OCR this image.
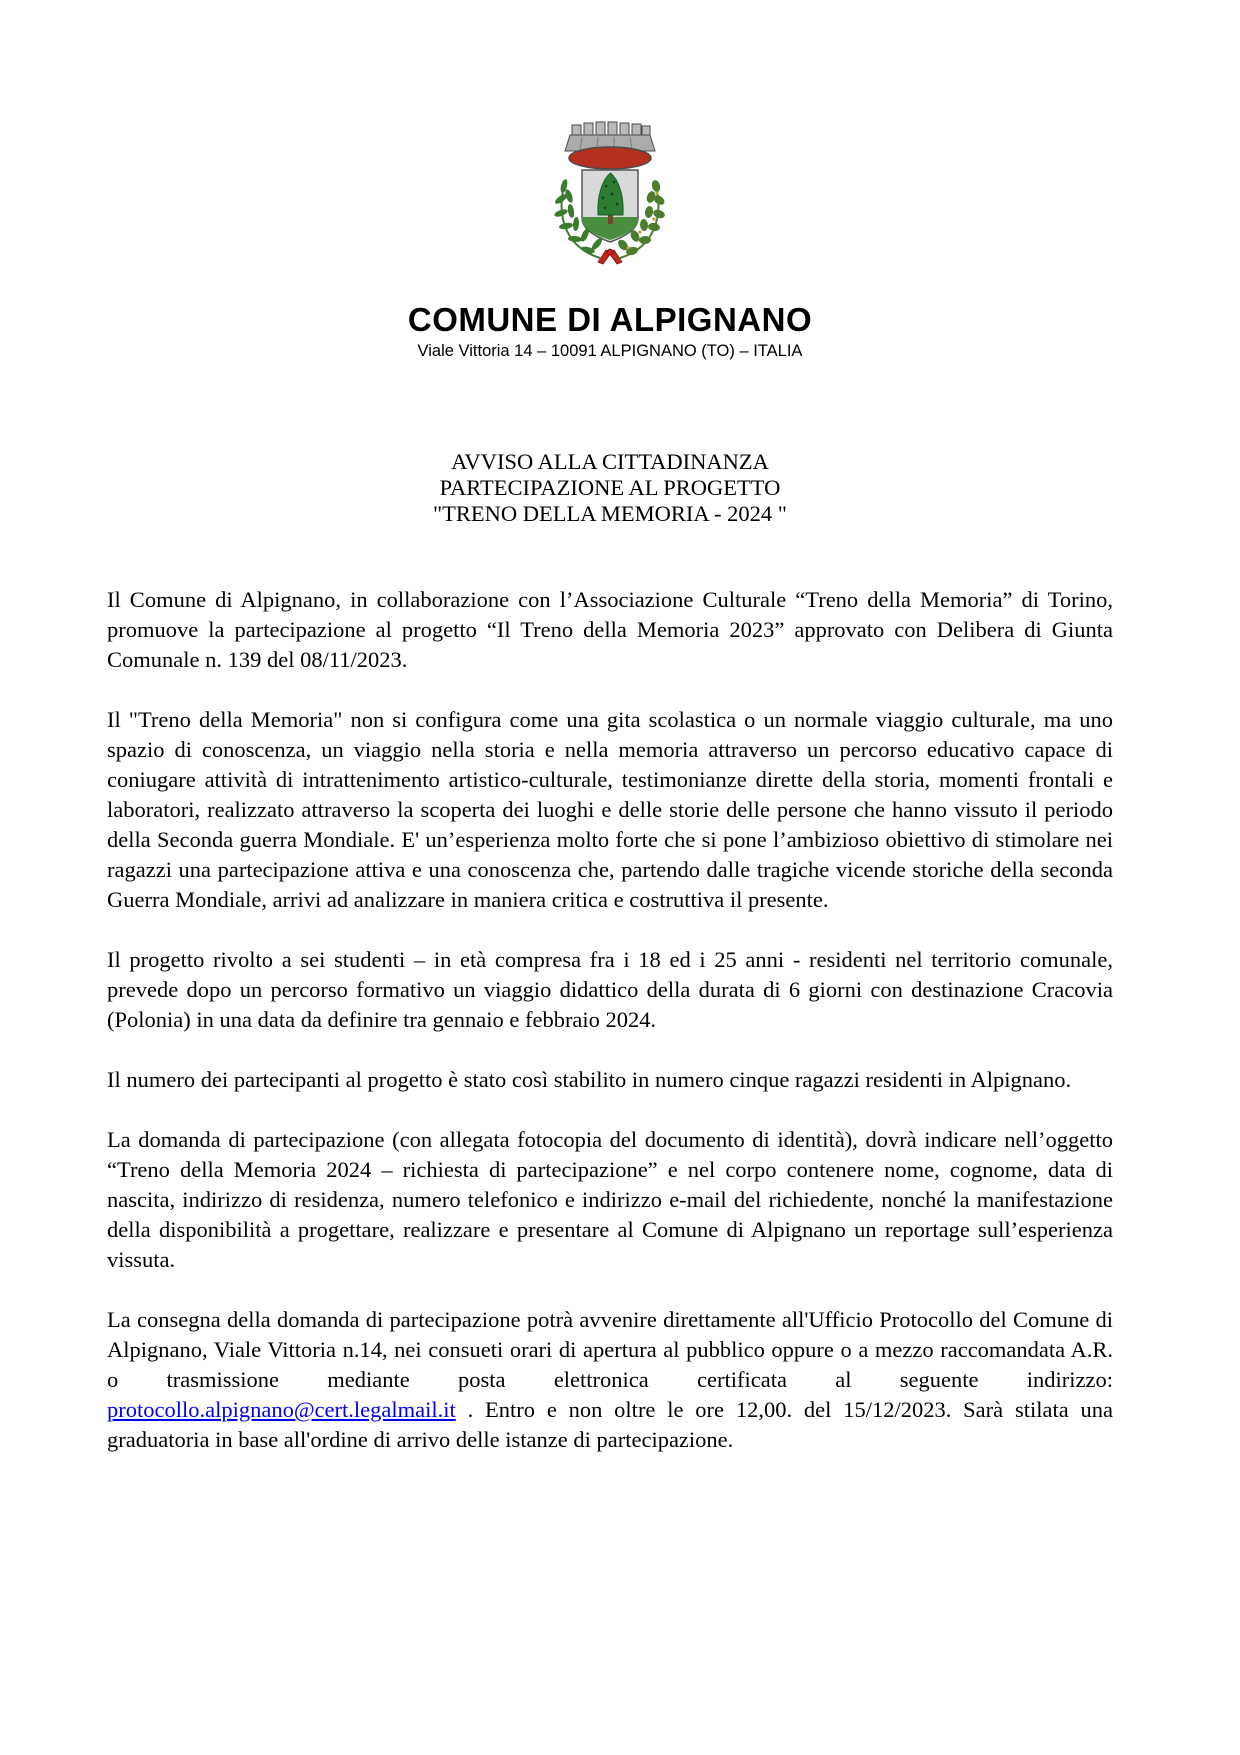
COMUNE DI ALPIGNANO
Viale Vittoria 14 – 10091 ALPIGNANO (TO) – ITALIA
AVVISO ALLA CITTADINANZA
PARTECIPAZIONE AL PROGETTO
"TRENO DELLA MEMORIA - 2024 "

Il Comune di Alpignano, in collaborazione con l’Associazione Culturale “Treno della Memoria” di Torino, promuove la partecipazione al progetto “Il Treno della Memoria 2023” approvato con Delibera di Giunta Comunale n. 139 del 08/11/2023.

Il "Treno della Memoria" non si configura come una gita scolastica o un normale viaggio culturale, ma uno spazio di conoscenza, un viaggio nella storia e nella memoria attraverso un percorso educativo capace di coniugare attività di intrattenimento artistico-culturale, testimonianze dirette della storia, momenti frontali e laboratori, realizzato attraverso la scoperta dei luoghi e delle storie delle persone che hanno vissuto il periodo della Seconda guerra Mondiale. E' un’esperienza molto forte che si pone l’ambizioso obiettivo di stimolare nei ragazzi una partecipazione attiva e una conoscenza che, partendo dalle tragiche vicende storiche della seconda Guerra Mondiale, arrivi ad analizzare in maniera critica e costruttiva il presente.

Il progetto rivolto a sei studenti – in età compresa fra i 18 ed i 25 anni - residenti nel territorio comunale, prevede dopo un percorso formativo un viaggio didattico della durata di 6 giorni con destinazione Cracovia (Polonia) in una data da definire tra gennaio e febbraio 2024.

Il numero dei partecipanti al progetto è stato così stabilito in numero cinque ragazzi residenti in Alpignano.

La domanda di partecipazione (con allegata fotocopia del documento di identità), dovrà indicare nell’oggetto “Treno della Memoria 2024 – richiesta di partecipazione” e nel corpo contenere nome, cognome, data di nascita, indirizzo di residenza, numero telefonico e indirizzo e-mail del richiedente, nonché la manifestazione della disponibilità a progettare, realizzare e presentare al Comune di Alpignano un reportage sull’esperienza vissuta.

La consegna della domanda di partecipazione potrà avvenire direttamente all'Ufficio Protocollo del Comune di Alpignano, Viale Vittoria n.14, nei consueti orari di apertura al pubblico oppure o a mezzo raccomandata A.R. o trasmissione mediante posta elettronica certificata al seguente indirizzo: protocollo.alpignano@cert.legalmail.it . Entro e non oltre le ore 12,00. del 15/12/2023. Sarà stilata una graduatoria in base all'ordine di arrivo delle istanze di partecipazione.
